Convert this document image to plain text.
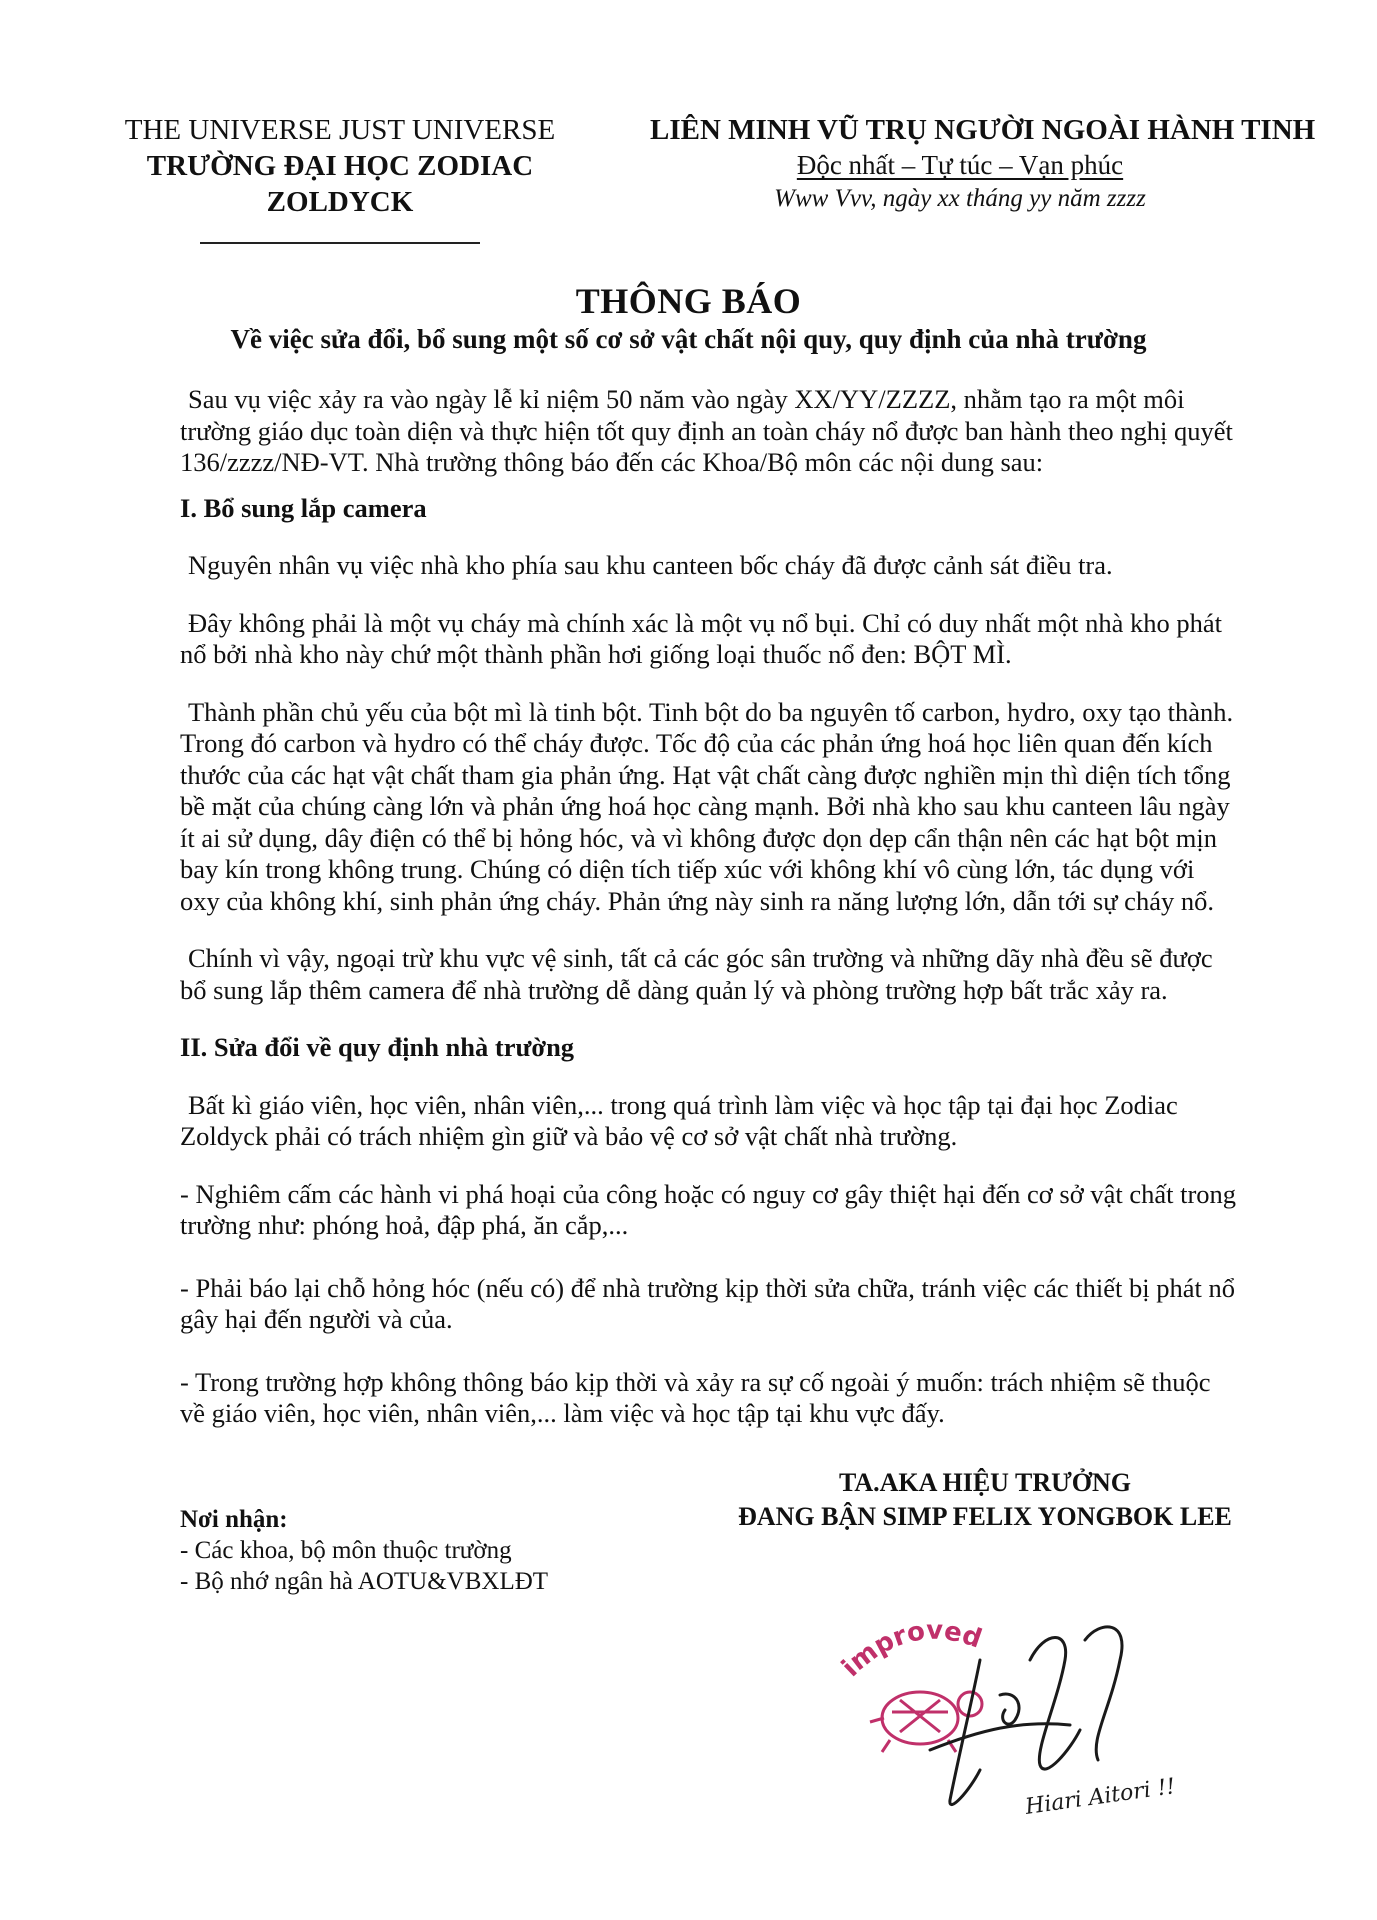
THE UNIVERSE JUST UNIVERSE
TRƯỜNG ĐẠI HỌC ZODIAC ZOLDYCK
LIÊN MINH VŨ TRỤ NGƯỜI NGOÀI HÀNH TINH
Độc nhất – Tự túc – Vạn phúc
Www Vvv, ngày xx tháng yy năm zzzz
THÔNG BÁO
Về việc sửa đổi, bổ sung một số cơ sở vật chất nội quy, quy định của nhà trường

Sau vụ việc xảy ra vào ngày lễ kỉ niệm 50 năm vào ngày XX/YY/ZZZZ, nhằm tạo ra một môi trường giáo dục toàn diện và thực hiện tốt quy định an toàn cháy nổ được ban hành theo nghị quyết 136/zzzz/NĐ-VT. Nhà trường thông báo đến các Khoa/Bộ môn các nội dung sau:

I. Bổ sung lắp camera

Nguyên nhân vụ việc nhà kho phía sau khu canteen bốc cháy đã được cảnh sát điều tra.

Đây không phải là một vụ cháy mà chính xác là một vụ nổ bụi. Chỉ có duy nhất một nhà kho phát nổ bởi nhà kho này chứ một thành phần hơi giống loại thuốc nổ đen: BỘT MÌ.

Thành phần chủ yếu của bột mì là tinh bột. Tinh bột do ba nguyên tố carbon, hydro, oxy tạo thành. Trong đó carbon và hydro có thể cháy được. Tốc độ của các phản ứng hoá học liên quan đến kích thước của các hạt vật chất tham gia phản ứng. Hạt vật chất càng được nghiền mịn thì diện tích tổng bề mặt của chúng càng lớn và phản ứng hoá học càng mạnh. Bởi nhà kho sau khu canteen lâu ngày ít ai sử dụng, dây điện có thể bị hỏng hóc, và vì không được dọn dẹp cẩn thận nên các hạt bột mịn bay kín trong không trung. Chúng có diện tích tiếp xúc với không khí vô cùng lớn, tác dụng với oxy của không khí, sinh phản ứng cháy. Phản ứng này sinh ra năng lượng lớn, dẫn tới sự cháy nổ.

Chính vì vậy, ngoại trừ khu vực vệ sinh, tất cả các góc sân trường và những dãy nhà đều sẽ được bổ sung lắp thêm camera để nhà trường dễ dàng quản lý và phòng trường hợp bất trắc xảy ra.

II. Sửa đổi về quy định nhà trường

Bất kì giáo viên, học viên, nhân viên,... trong quá trình làm việc và học tập tại đại học Zodiac Zoldyck phải có trách nhiệm gìn giữ và bảo vệ cơ sở vật chất nhà trường.

- Nghiêm cấm các hành vi phá hoại của công hoặc có nguy cơ gây thiệt hại đến cơ sở vật chất trong trường như: phóng hoả, đập phá, ăn cắp,...

- Phải báo lại chỗ hỏng hóc (nếu có) để nhà trường kịp thời sửa chữa, tránh việc các thiết bị phát nổ gây hại đến người và của.

- Trong trường hợp không thông báo kịp thời và xảy ra sự cố ngoài ý muốn: trách nhiệm sẽ thuộc về giáo viên, học viên, nhân viên,... làm việc và học tập tại khu vực đấy.

Nơi nhận:
- Các khoa, bộ môn thuộc trường
- Bộ nhớ ngân hà AOTU&VBXLĐT
TA.AKA HIỆU TRƯỞNG
ĐANG BẬN SIMP FELIX YONGBOK LEE
improved
Hiari Aitori !!
